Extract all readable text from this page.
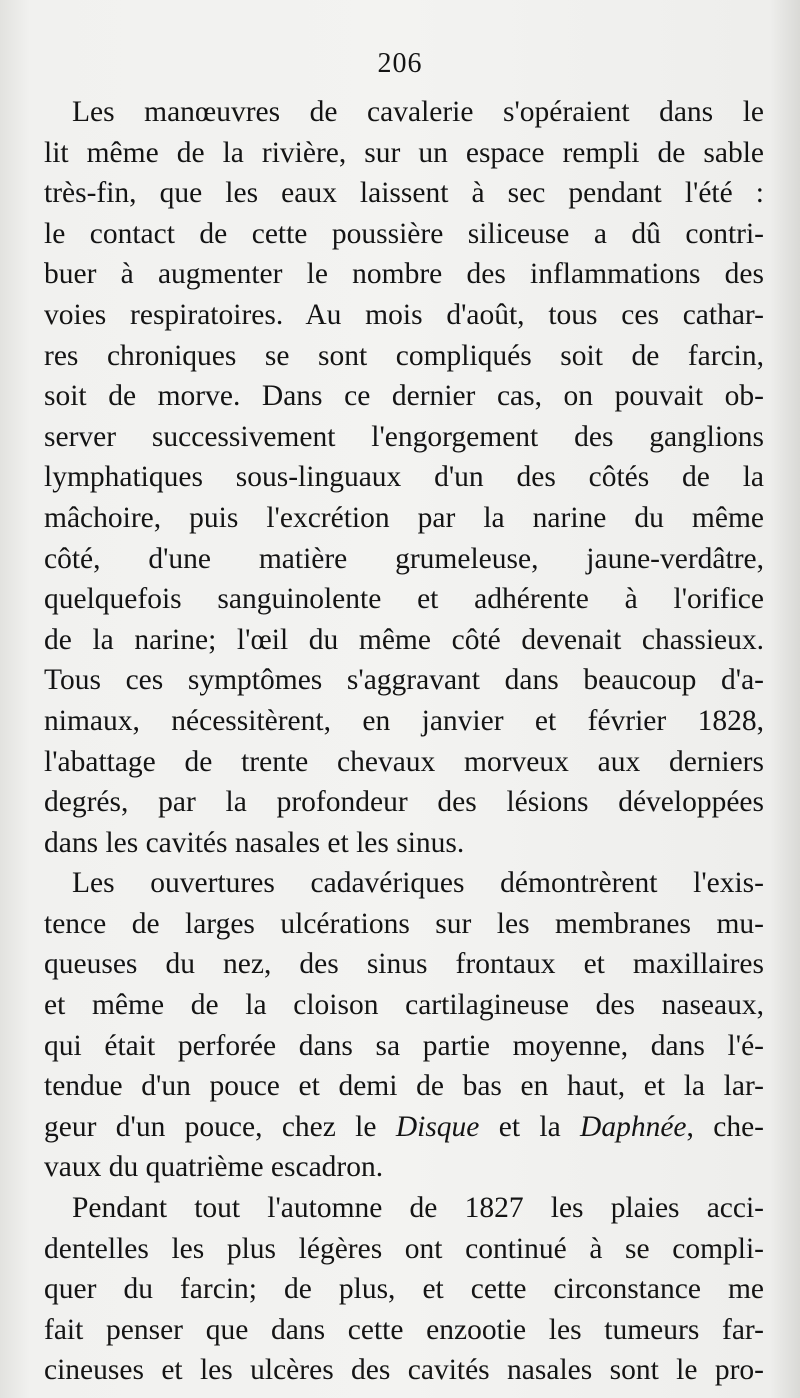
206
Les manœuvres de cavalerie s'opéraient dans le
lit même de la rivière, sur un espace rempli de sable
très-fin, que les eaux laissent à sec pendant l'été :
le contact de cette poussière siliceuse a dû contri-
buer à augmenter le nombre des inflammations des
voies respiratoires. Au mois d'août, tous ces cathar-
res chroniques se sont compliqués soit de farcin,
soit de morve. Dans ce dernier cas, on pouvait ob-
server successivement l'engorgement des ganglions
lymphatiques sous-linguaux d'un des côtés de la
mâchoire, puis l'excrétion par la narine du même
côté, d'une matière grumeleuse, jaune-verdâtre,
quelquefois sanguinolente et adhérente à l'orifice
de la narine; l'œil du même côté devenait chassieux.
Tous ces symptômes s'aggravant dans beaucoup d'a-
nimaux, nécessitèrent, en janvier et février 1828,
l'abattage de trente chevaux morveux aux derniers
degrés, par la profondeur des lésions développées
dans les cavités nasales et les sinus.
Les ouvertures cadavériques démontrèrent l'exis-
tence de larges ulcérations sur les membranes mu-
queuses du nez, des sinus frontaux et maxillaires
et même de la cloison cartilagineuse des naseaux,
qui était perforée dans sa partie moyenne, dans l'é-
tendue d'un pouce et demi de bas en haut, et la lar-
geur d'un pouce, chez le Disque et la Daphnée, che-
vaux du quatrième escadron.
Pendant tout l'automne de 1827 les plaies acci-
dentelles les plus légères ont continué à se compli-
quer du farcin; de plus, et cette circonstance me
fait penser que dans cette enzootie les tumeurs far-
cineuses et les ulcères des cavités nasales sont le pro-
